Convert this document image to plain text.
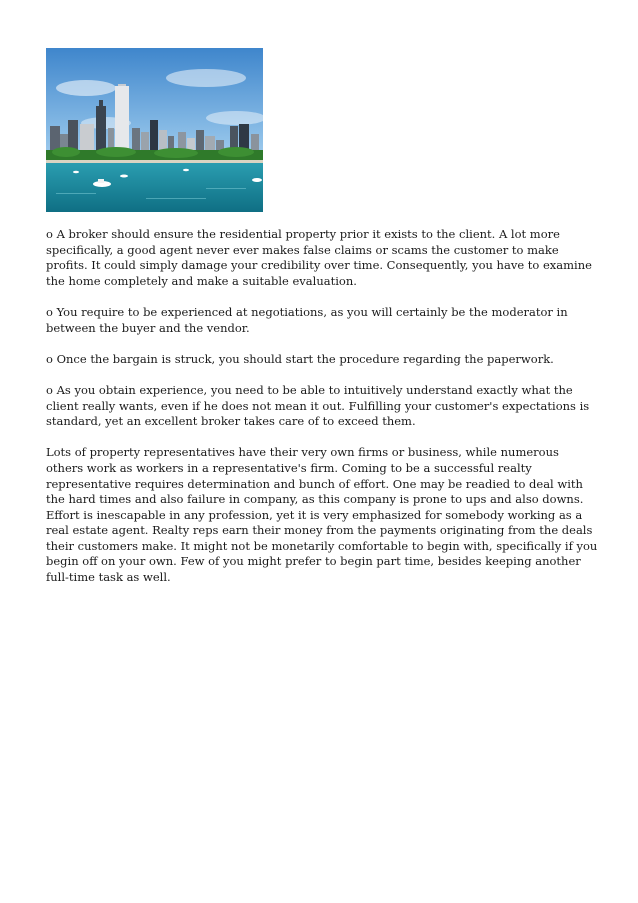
o A broker should ensure the residential property prior it exists to the client. A lot more specifically, a good agent never ever makes false claims or scams the customer to make profits. It could simply damage your credibility over time. Consequently, you have to examine the home completely and make a suitable evaluation.

o You require to be experienced at negotiations, as you will certainly be the moderator in between the buyer and the vendor.

o Once the bargain is struck, you should start the procedure regarding the paperwork.

o As you obtain experience, you need to be able to intuitively understand exactly what the client really wants, even if he does not mean it out. Fulfilling your customer's expectations is standard, yet an excellent broker takes care of to exceed them.

Lots of property representatives have their very own firms or business, while numerous others work as workers in a representative's firm. Coming to be a successful realty representative requires determination and bunch of effort. One may be readied to deal with the hard times and also failure in company, as this company is prone to ups and also downs. Effort is inescapable in any profession, yet it is very emphasized for somebody working as a real estate agent. Realty reps earn their money from the payments originating from the deals their customers make. It might not be monetarily comfortable to begin with, specifically if you begin off on your own. Few of you might prefer to begin part time, besides keeping another full-time task as well.
